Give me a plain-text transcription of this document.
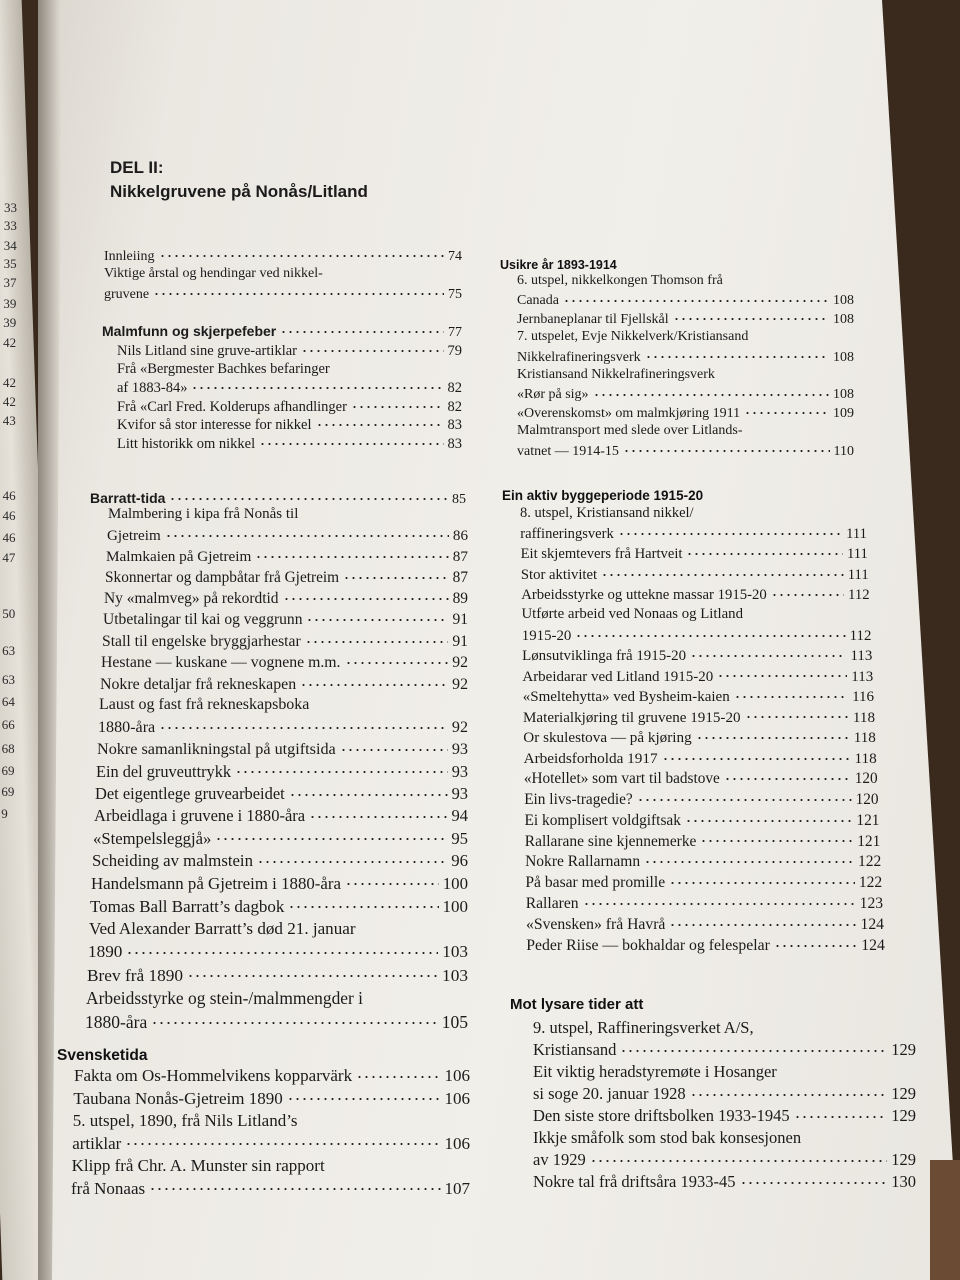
33
33
34
35
37
39
39
42
42
42
43
46
46
46
47
50
63
63
64
66
68
69
69
9
DEL II:
Nikkelgruvene på Nonås/Litland
Innleiing	74
Viktige årstal og hendingar ved nikkel-
gruvene	75
Malmfunn og skjerpefeber	77
Nils Litland sine gruve-artiklar	79
Frå «Bergmester Bachkes befaringer
af 1883-84»	82
Frå «Carl Fred. Kolderups afhandlinger	82
Kvifor så stor interesse for nikkel	83
Litt historikk om nikkel	83
Barratt-tida	85
Malmbering i kipa frå Nonås til
Gjetreim	86
Malmkaien på Gjetreim	87
Skonnertar og dampbåtar frå Gjetreim	87
Ny «malmveg» på rekordtid	89
Utbetalingar til kai og veggrunn	91
Stall til engelske bryggjarhestar	91
Hestane — kuskane — vognene m.m.	92
Nokre detaljar frå rekneskapen	92
Laust og fast frå rekneskapsboka
1880-åra	92
Nokre samanlikningstal på utgiftsida	93
Ein del gruveuttrykk	93
Det eigentlege gruvearbeidet	93
Arbeidlaga i gruvene i 1880-åra	94
«Stempelsleggjå»	95
Scheiding av malmstein	96
Handelsmann på Gjetreim i 1880-åra	100
Tomas Ball Barratt’s dagbok	100
Ved Alexander Barratt’s død 21. januar
1890	103
Brev frå 1890	103
Arbeidsstyrke og stein-/malmmengder i
1880-åra	105
Svensketida
Fakta om Os-Hommelvikens kopparvärk	106
Taubana Nonås-Gjetreim 1890	106
5. utspel, 1890, frå Nils Litland’s
artiklar	106
Klipp frå Chr. A. Munster sin rapport
frå Nonaas	107
Usikre år 1893-1914
6. utspel, nikkelkongen Thomson frå
Canada	108
Jernbaneplanar til Fjellskål	108
7. utspelet, Evje Nikkelverk/Kristiansand
Nikkelrafineringsverk	108
Kristiansand Nikkelrafineringsverk
«Rør på sig»	108
«Overenskomst» om malmkjøring 1911	109
Malmtransport med slede over Litlands-
vatnet — 1914-15	110
Ein aktiv byggeperiode 1915-20
8. utspel, Kristiansand nikkel/
raffineringsverk	111
Eit skjemtevers frå Hartveit	111
Stor aktivitet	111
Arbeidsstyrke og uttekne massar 1915-20	112
Utførte arbeid ved Nonaas og Litland
1915-20	112
Lønsutviklinga frå 1915-20	113
Arbeidarar ved Litland 1915-20	113
«Smeltehytta» ved Bysheim-kaien	116
Materialkjøring til gruvene 1915-20	118
Or skulestova — på kjøring	118
Arbeidsforholda 1917	118
«Hotellet» som vart til badstove	120
Ein livs-tragedie?	120
Ei komplisert voldgiftsak	121
Rallarane sine kjennemerke	121
Nokre Rallarnamn	122
På basar med promille	122
Rallaren	123
«Svensken» frå Havrå	124
Peder Riise — bokhaldar og felespelar	124
Mot lysare tider att
9. utspel, Raffineringsverket A/S,
Kristiansand	129
Eit viktig heradstyremøte i Hosanger
si soge 20. januar 1928	129
Den siste store driftsbolken 1933-1945	129
Ikkje småfolk som stod bak konsesjonen
av 1929	129
Nokre tal frå driftsåra 1933-45	130
